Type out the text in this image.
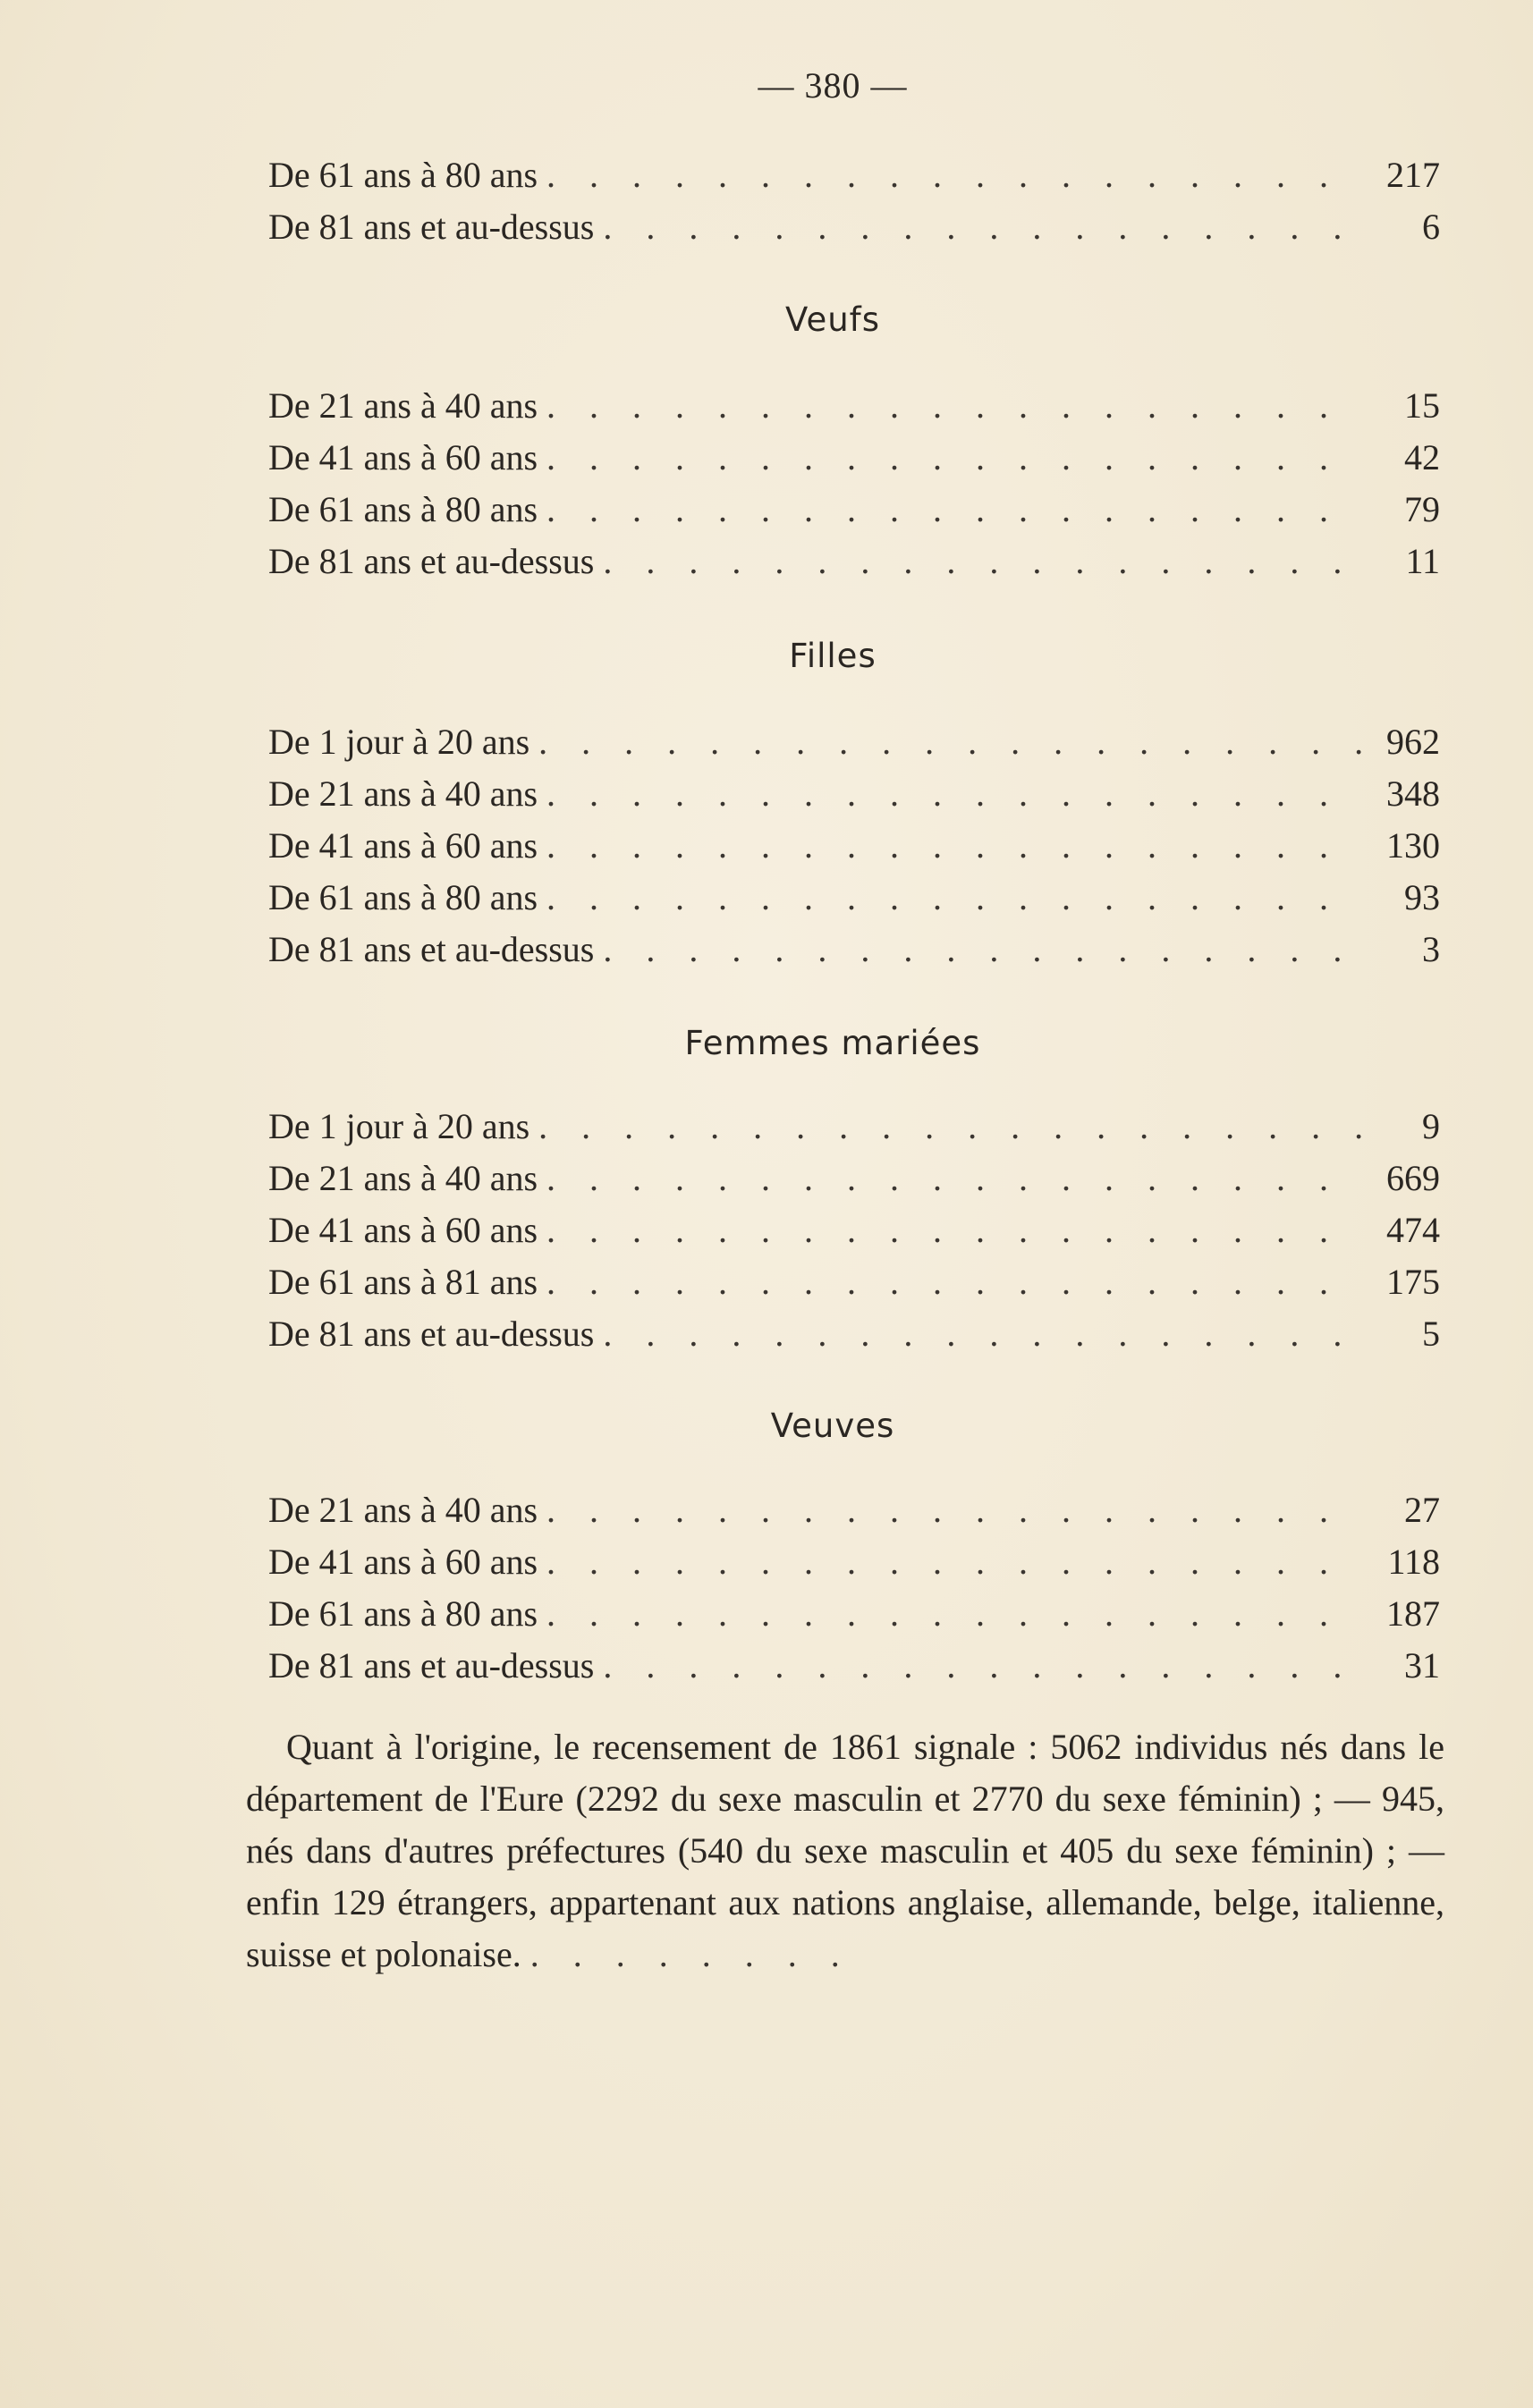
— 380 —
De 61 ans à 80 ans . . .	217
De 81 ans et au-dessus . . .	6
Veufs
De 21 ans à 40 ans . . .	15
De 41 ans à 60 ans . . .	42
De 61 ans à 80 ans . . .	79
De 81 ans et au-dessus . . .	11
Filles
De 1 jour à 20 ans . . .	962
De 21 ans à 40 ans . . .	348
De 41 ans à 60 ans . . .	130
De 61 ans à 80 ans . . .	93
De 81 ans et au-dessus . . .	3
Femmes mariées
De 1 jour à 20 ans . . .	9
De 21 ans à 40 ans . . .	669
De 41 ans à 60 ans . . .	474
De 61 ans à 81 ans . . .	175
De 81 ans et au-dessus . . .	5
Veuves
De 21 ans à 40 ans . . .	27
De 41 ans à 60 ans . . .	118
De 61 ans à 80 ans . . .	187
De 81 ans et au-dessus . . .	31

Quant à l'origine, le recensement de 1861 signale : 5062 individus nés dans le département de l'Eure (2292 du sexe masculin et 2770 du sexe féminin) ; — 945, nés dans d'autres préfectures (540 du sexe masculin et 405 du sexe féminin) ; — enfin 129 étrangers, appartenant aux nations anglaise, allemande, belge, italienne, suisse et polonaise. . . . . . . . .
